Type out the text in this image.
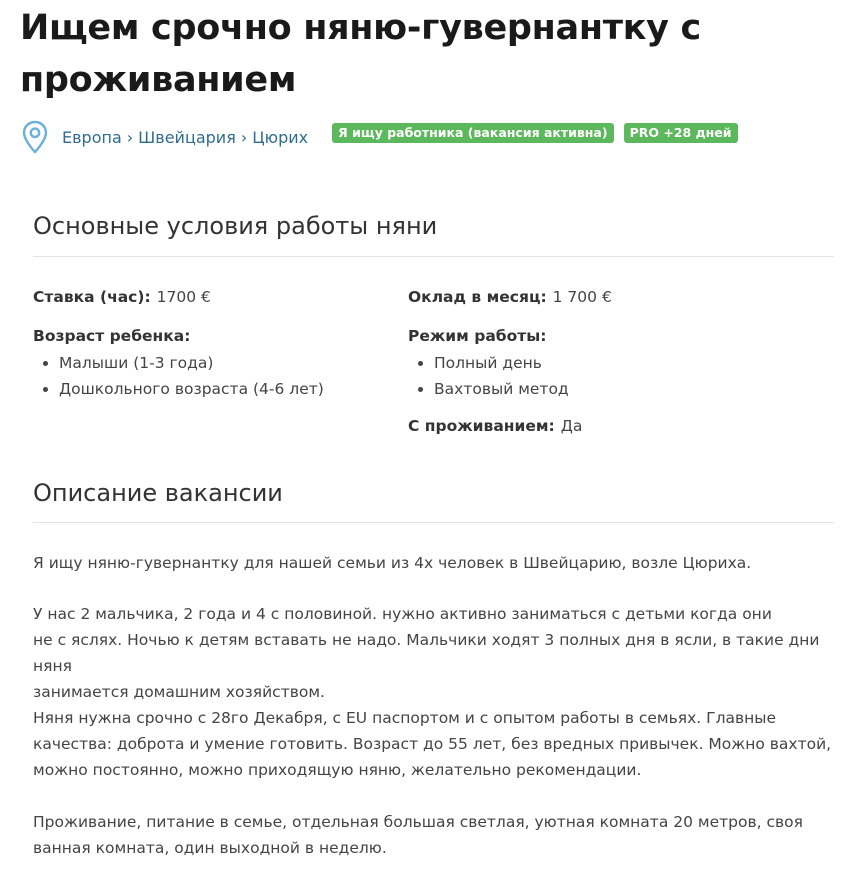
Ищем срочно няню-гувернантку с
проживанием
Европа › Швейцария › Цюрих	Я ищу работника (вакансия активна)	PRO +28 дней
Основные условия работы няни
Ставка (час): 1700 €	Оклад в месяц: 1 700 €
Возраст ребенка:
• Малыши (1-3 года)
• Дошкольного возраста (4-6 лет)
Режим работы:
• Полный день
• Вахтовый метод
С проживанием: Да
Описание вакансии

Я ищу няню-гувернантку для нашей семьи из 4х человек в Швейцарию, возле Цюриха.

У нас 2 мальчика, 2 года и 4 с половиной. нужно активно заниматься с детьми когда они
не с яслях. Ночью к детям вставать не надо. Мальчики ходят 3 полных дня в ясли, в такие дни няня
занимается домашним хозяйством.

Няня нужна срочно с 28го Декабря, с EU паспортом и с опытом работы в семьях. Главные
качества: доброта и умение готовить. Возраст до 55 лет, без вредных привычек. Можно вахтой,
можно постоянно, можно приходящую няню, желательно рекомендации.

Проживание, питание в семье, отдельная большая светлая, уютная комната 20 метров, своя
ванная комната, один выходной в неделю.
